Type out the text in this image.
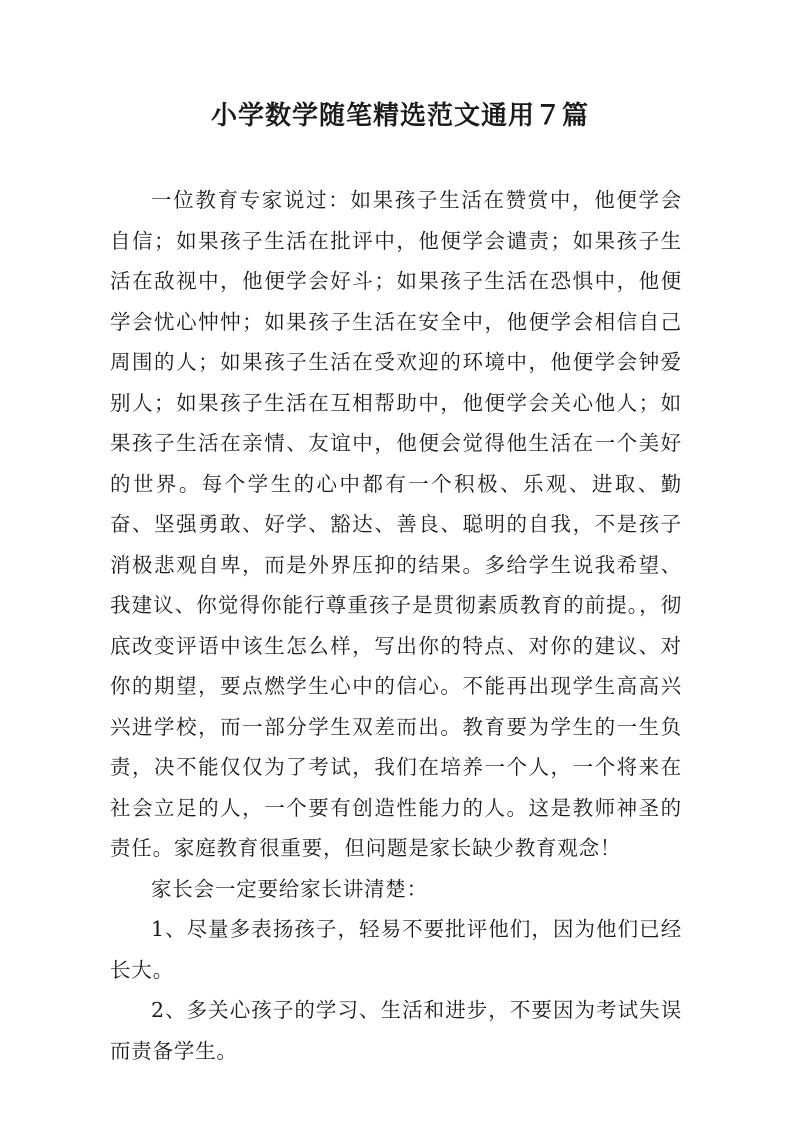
小学数学随笔精选范文通用７篇

一位教育专家说过：如果孩子生活在赞赏中，他便学会自信；如果孩子生活在批评中，他便学会谴责；如果孩子生活在敌视中，他便学会好斗；如果孩子生活在恐惧中，他便学会忧心忡忡；如果孩子生活在安全中，他便学会相信自己周围的人；如果孩子生活在受欢迎的环境中，他便学会钟爱别人；如果孩子生活在互相帮助中，他便学会关心他人；如果孩子生活在亲情、友谊中，他便会觉得他生活在一个美好的世界。每个学生的心中都有一个积极、乐观、进取、勤奋、坚强勇敢、好学、豁达、善良、聪明的自我，不是孩子消极悲观自卑，而是外界压抑的结果。多给学生说我希望、我建议、你觉得你能行尊重孩子是贯彻素质教育的前提。，彻底改变评语中该生怎么样，写出你的特点、对你的建议、对你的期望，要点燃学生心中的信心。不能再出现学生高高兴兴进学校，而一部分学生双差而出。教育要为学生的一生负责，决不能仅仅为了考试，我们在培养一个人，一个将来在社会立足的人，一个要有创造性能力的人。这是教师神圣的责任。家庭教育很重要，但问题是家长缺少教育观念！

家长会一定要给家长讲清楚：

1、尽量多表扬孩子，轻易不要批评他们，因为他们已经长大。

2、多关心孩子的学习、生活和进步，不要因为考试失误而责备学生。
